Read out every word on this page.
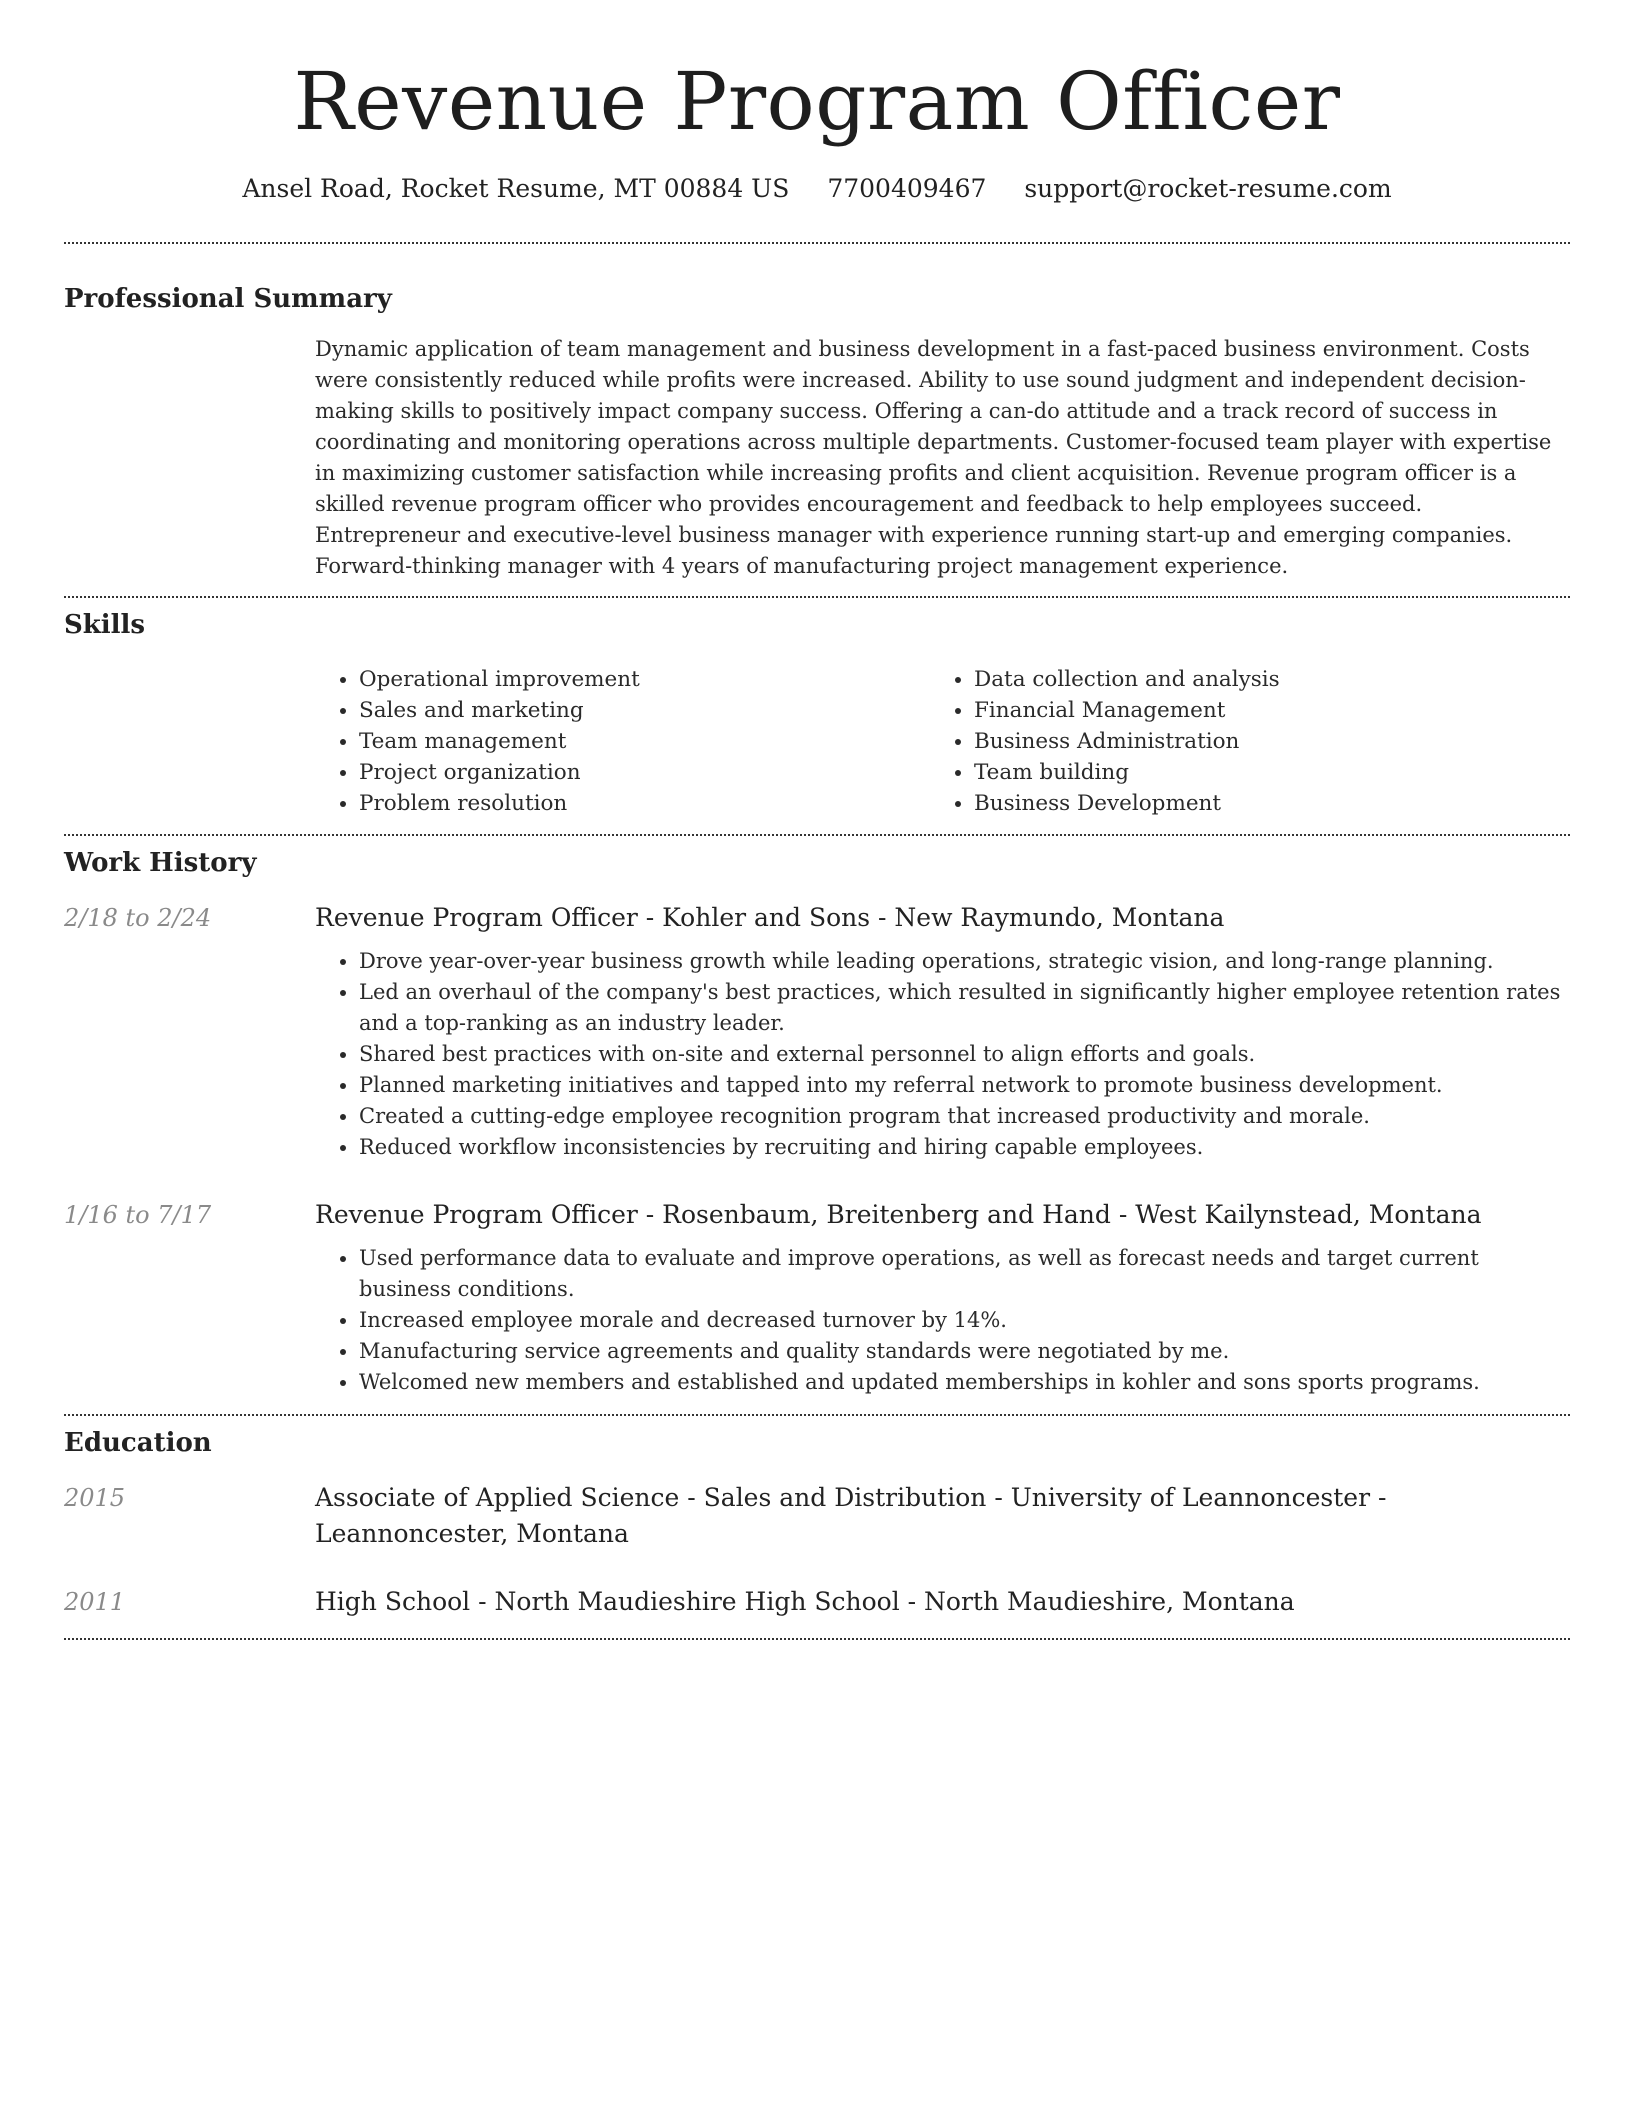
Revenue Program Officer
Ansel Road, Rocket Resume, MT 00884 US 7700409467 support@rocket-resume.com
Professional Summary

Dynamic application of team management and business development in a fast-paced business environment. Costs were consistently reduced while profits were increased. Ability to use sound judgment and independent decision-making skills to positively impact company success. Offering a can-do attitude and a track record of success in coordinating and monitoring operations across multiple departments. Customer-focused team player with expertise in maximizing customer satisfaction while increasing profits and client acquisition. Revenue program officer is a skilled revenue program officer who provides encouragement and feedback to help employees succeed. Entrepreneur and executive-level business manager with experience running start-up and emerging companies. Forward-thinking manager with 4 years of manufacturing project management experience.

Skills
• Operational improvement
• Sales and marketing
• Team management
• Project organization
• Problem resolution
• Data collection and analysis
• Financial Management
• Business Administration
• Team building
• Business Development
Work History
2/18 to 2/24	Revenue Program Officer - Kohler and Sons - New Raymundo, Montana
• Drove year-over-year business growth while leading operations, strategic vision, and long-range planning.
• Led an overhaul of the company's best practices, which resulted in significantly higher employee retention rates and a top-ranking as an industry leader.
• Shared best practices with on-site and external personnel to align efforts and goals.
• Planned marketing initiatives and tapped into my referral network to promote business development.
• Created a cutting-edge employee recognition program that increased productivity and morale.
• Reduced workflow inconsistencies by recruiting and hiring capable employees.
1/16 to 7/17	Revenue Program Officer - Rosenbaum, Breitenberg and Hand - West Kailynstead, Montana
• Used performance data to evaluate and improve operations, as well as forecast needs and target current business conditions.
• Increased employee morale and decreased turnover by 14%.
• Manufacturing service agreements and quality standards were negotiated by me.
• Welcomed new members and established and updated memberships in kohler and sons sports programs.
Education
2015	Associate of Applied Science - Sales and Distribution - University of Leannoncester - Leannoncester, Montana
2011	High School - North Maudieshire High School - North Maudieshire, Montana
